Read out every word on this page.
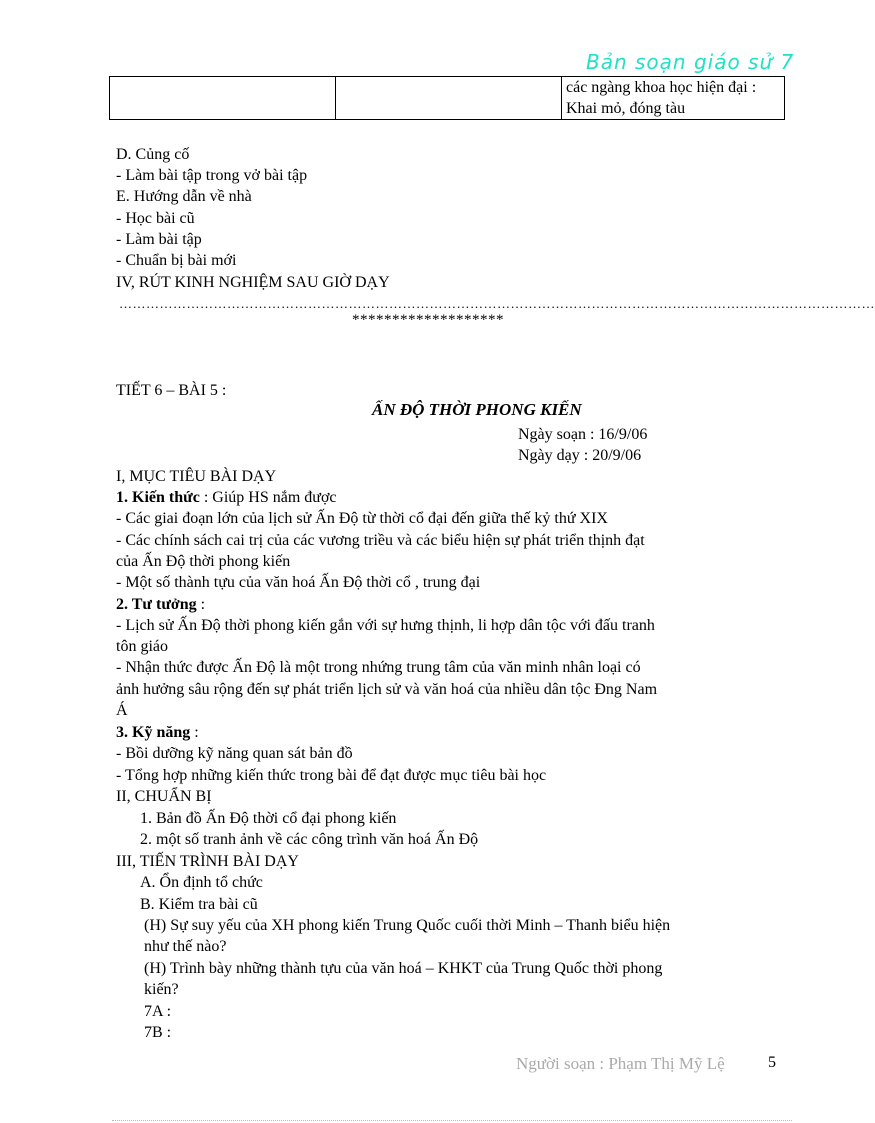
Bản soạn giáo sử 7
		các ngàng khoa học hiện đại : Khai mỏ, đóng tàu
D. Củng cố
- Làm bài tập trong vở bài tập
E. Hướng dẫn về nhà
- Học bài cũ
- Làm bài tập
- Chuẩn bị bài mới
IV, RÚT KINH NGHIỆM SAU GIỜ DẠY
……………………………………………………………………………………………………………………………………………………
*******************
TIẾT 6 – BÀI 5 :
ẤN ĐỘ THỜI PHONG KIẾN
Ngày soạn : 16/9/06
Ngày dạy : 20/9/06
I, MỤC TIÊU BÀI DẠY
1. Kiến thức : Giúp HS nắm được
- Các giai đoạn lớn của lịch sử Ấn Độ từ thời cổ đại đến giữa thế kỷ thứ XIX
- Các chính sách cai trị của các vương triều và các biểu hiện sự phát triển thịnh đạt
của Ấn Độ thời phong kiến
- Một số thành tựu của văn hoá Ấn Độ thời cổ , trung đại
2. Tư tưởng :
- Lịch sử Ấn Độ thời phong kiến gắn với sự hưng thịnh, li hợp dân tộc với đấu tranh
tôn giáo
- Nhận thức được Ấn Độ là một trong nhứng trung tâm của văn minh nhân loại có
ảnh hưởng sâu rộng đến sự phát triển lịch sử và văn hoá của nhiều dân tộc Đng Nam
Á
3. Kỹ năng :
- Bồi dưỡng kỹ năng quan sát bản đồ
- Tổng hợp những kiến thức trong bài để đạt được mục tiêu bài học
II, CHUẨN BỊ
1. Bản đồ Ấn Độ thời cổ đại phong kiến
2. một số tranh ảnh về các công trình văn hoá Ấn Độ
III, TIẾN TRÌNH BÀI DẠY
A. Ổn định tổ chức
B. Kiểm tra bài cũ
(H) Sự suy yếu của XH phong kiến Trung Quốc cuối thời Minh – Thanh biểu hiện
như thế nào?
(H) Trình bày những thành tựu của văn hoá – KHKT của Trung Quốc thời phong
kiến?
7A :
7B :
Người soạn : Phạm Thị Mỹ Lệ	5
